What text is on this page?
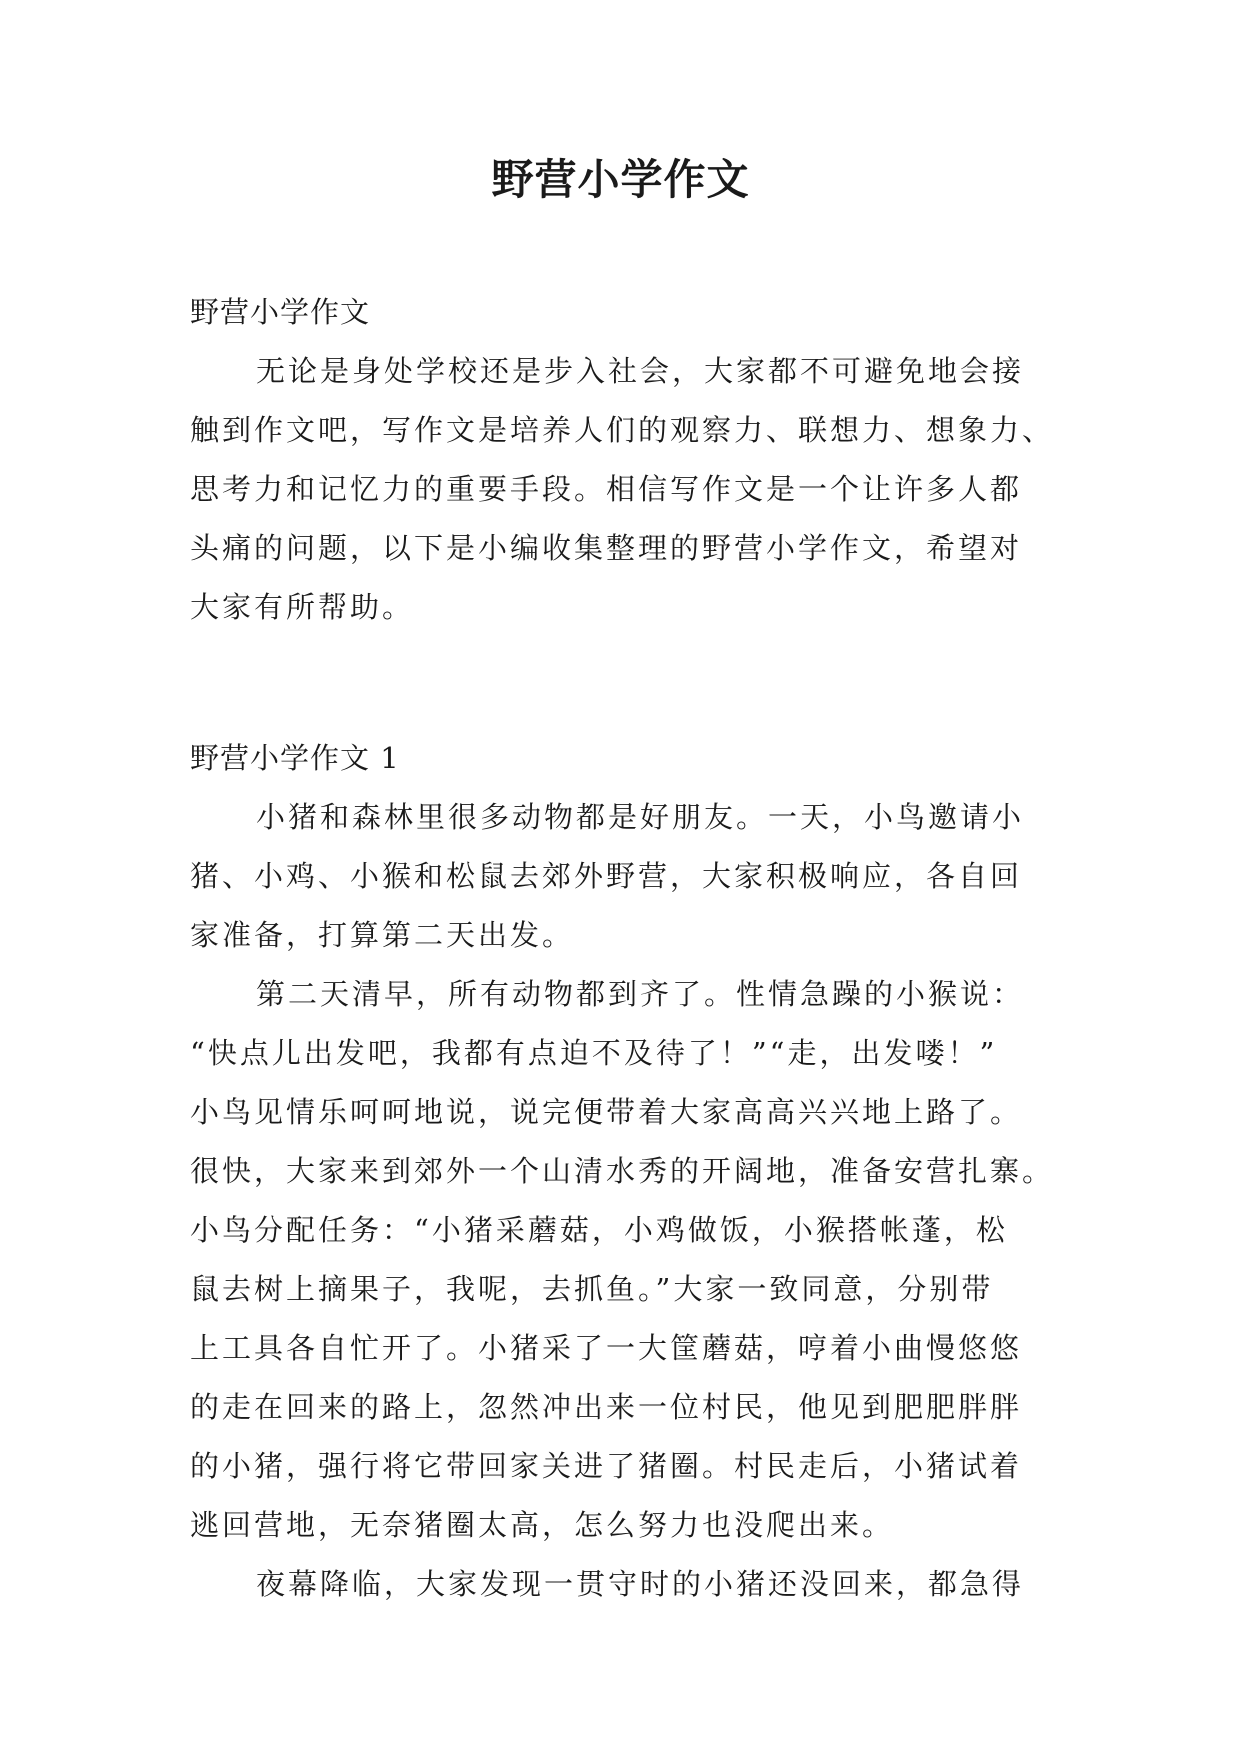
野营小学作文
野营小学作文
无论是身处学校还是步入社会，大家都不可避免地会接
触到作文吧，写作文是培养人们的观察力、联想力、想象力、
思考力和记忆力的重要手段。相信写作文是一个让许多人都
头痛的问题，以下是小编收集整理的野营小学作文，希望对
大家有所帮助。
野营小学作文 1
小猪和森林里很多动物都是好朋友。一天，小鸟邀请小
猪、小鸡、小猴和松鼠去郊外野营，大家积极响应，各自回
家准备，打算第二天出发。
第二天清早，所有动物都到齐了。性情急躁的小猴说：
“快点儿出发吧，我都有点迫不及待了！”“走，出发喽！”
小鸟见情乐呵呵地说，说完便带着大家高高兴兴地上路了。
很快，大家来到郊外一个山清水秀的开阔地，准备安营扎寨。
小鸟分配任务：“小猪采蘑菇，小鸡做饭，小猴搭帐蓬，松
鼠去树上摘果子，我呢，去抓鱼。”大家一致同意，分别带
上工具各自忙开了。小猪采了一大筐蘑菇，哼着小曲慢悠悠
的走在回来的路上，忽然冲出来一位村民，他见到肥肥胖胖
的小猪，强行将它带回家关进了猪圈。村民走后，小猪试着
逃回营地，无奈猪圈太高，怎么努力也没爬出来。
夜幕降临，大家发现一贯守时的小猪还没回来，都急得
